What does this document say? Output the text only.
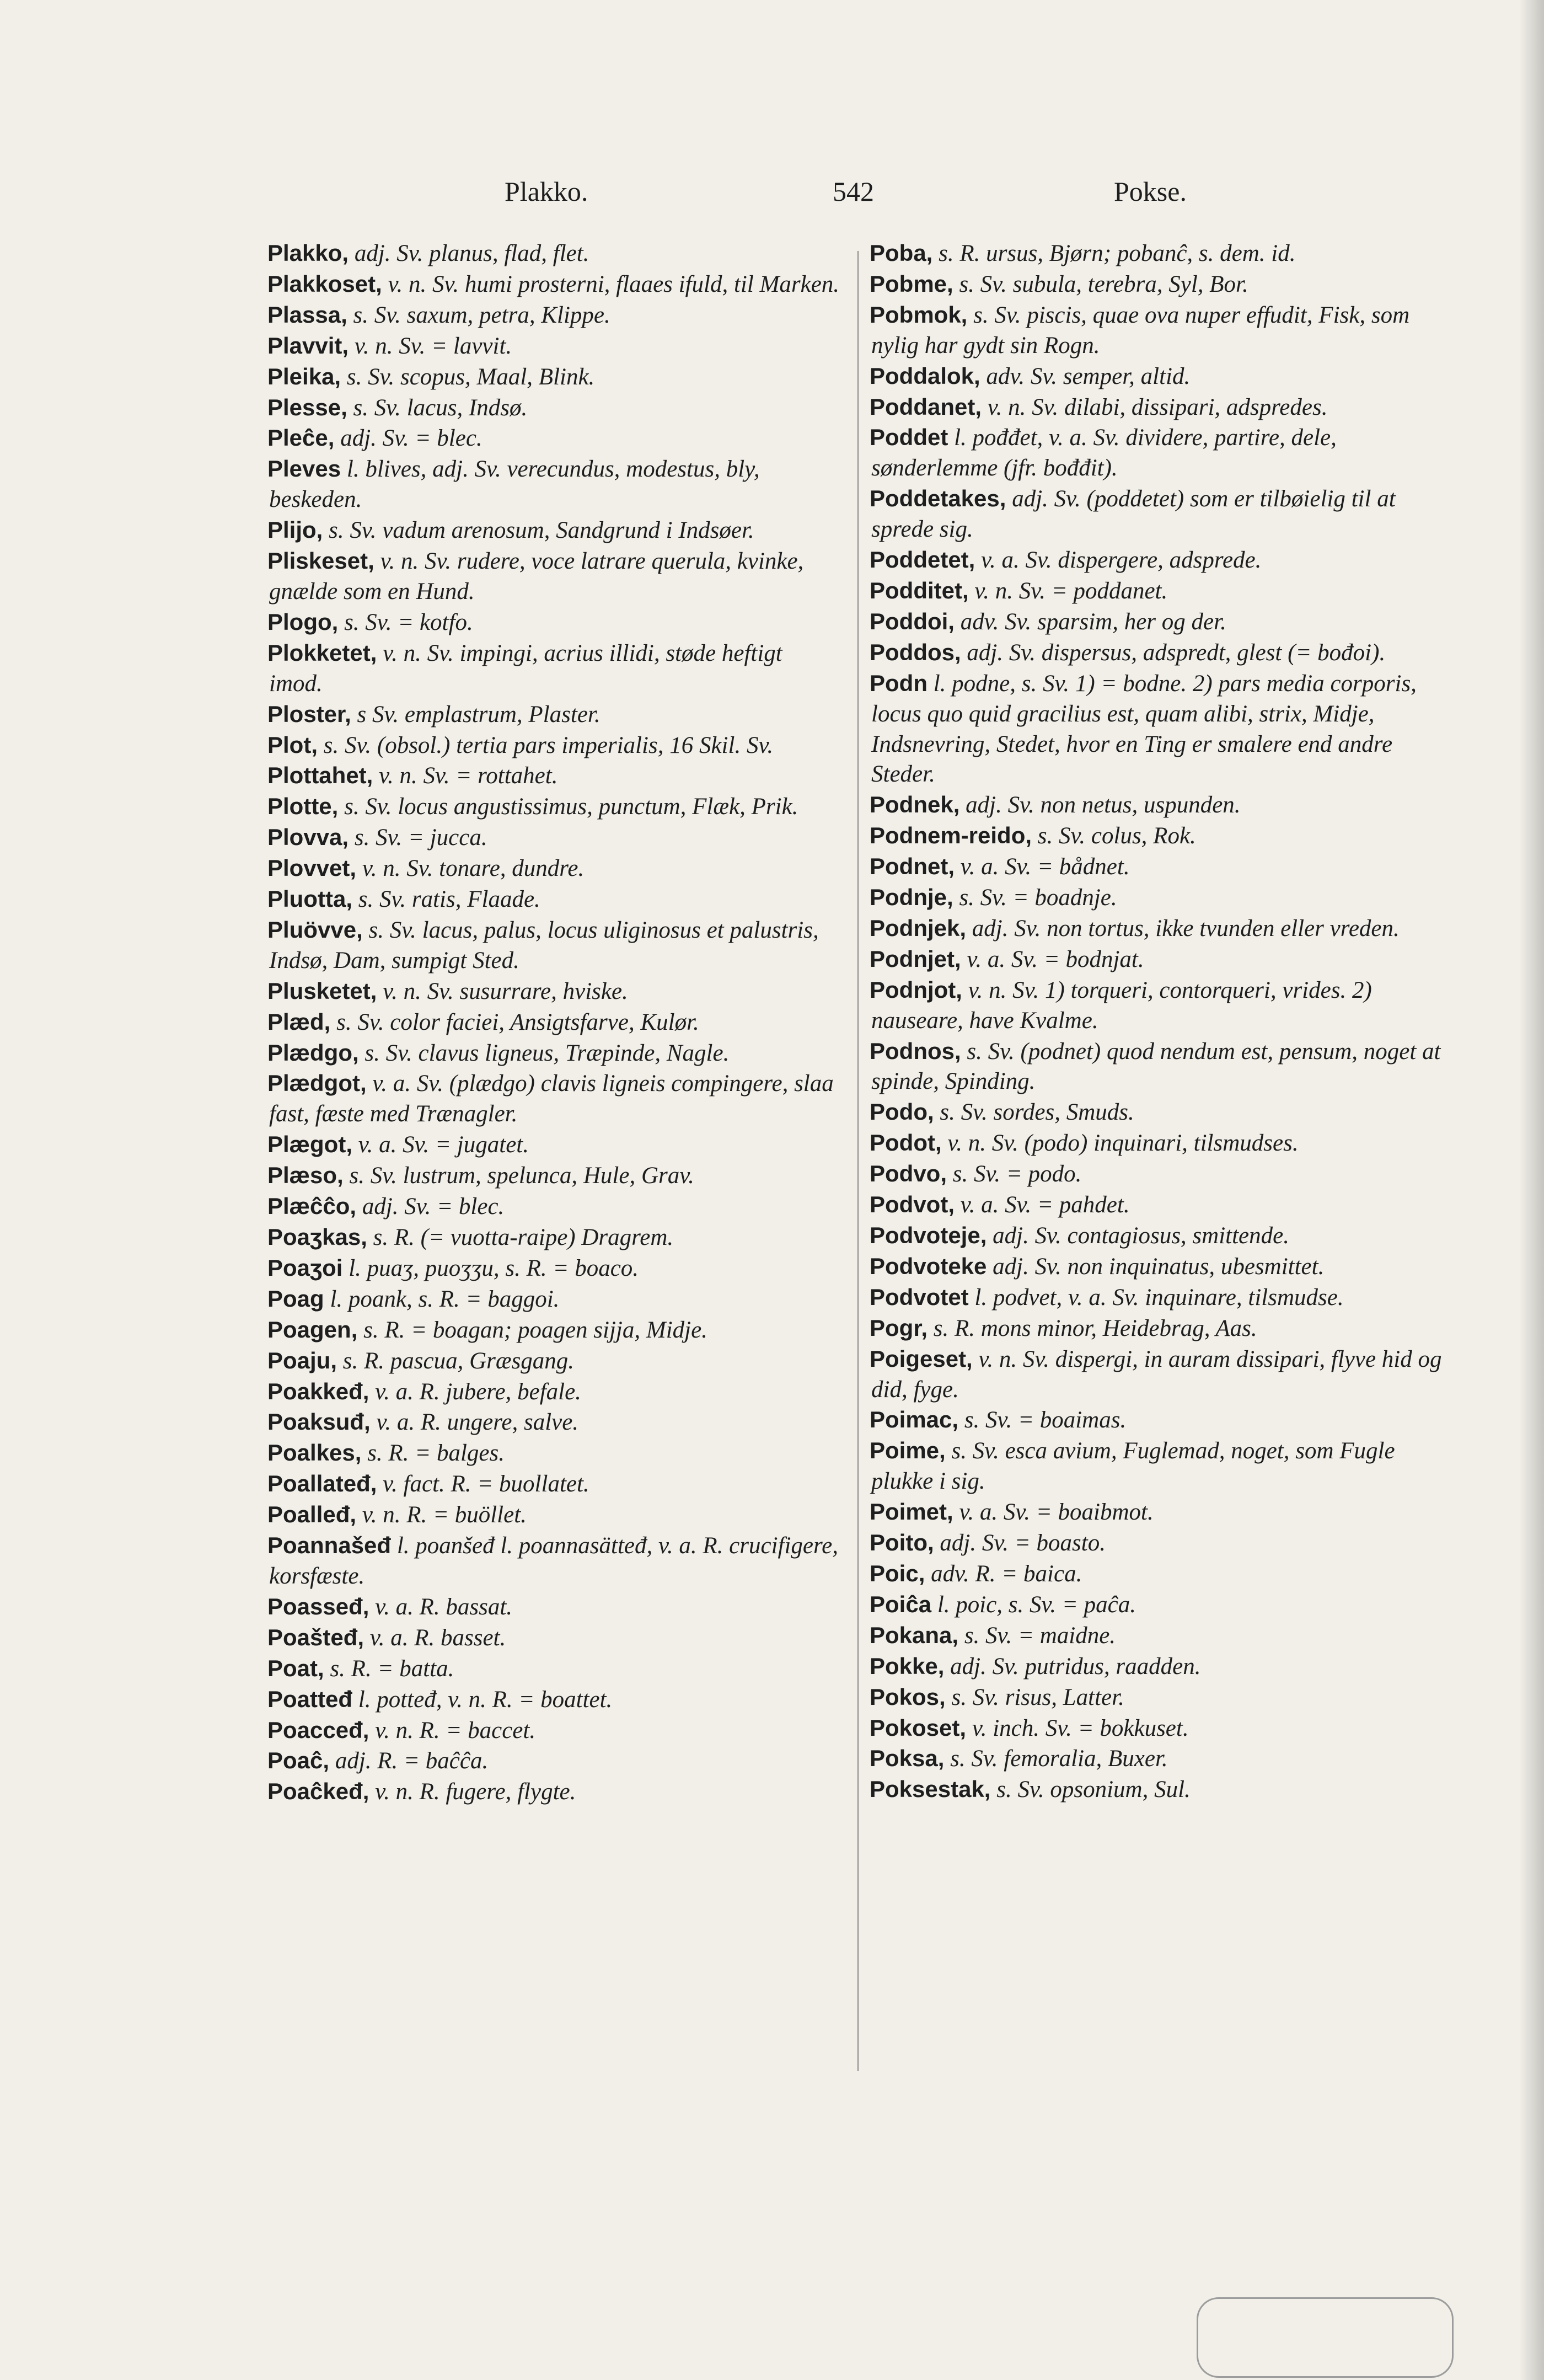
Plakko.	542	Pokse.

Plakko, adj. Sv. planus, flad, flet.

Plakkoset, v. n. Sv. humi prosterni, flaaes ifuld, til Marken.

Plassa, s. Sv. saxum, petra, Klippe.

Plavvit, v. n. Sv. = lavvit.

Pleika, s. Sv. scopus, Maal, Blink.

Plesse, s. Sv. lacus, Indsø.

Pleĉe, adj. Sv. = blec.

Pleves l. blives, adj. Sv. verecundus, modestus, bly, beskeden.

Plijo, s. Sv. vadum arenosum, Sandgrund i Indsøer.

Pliskeset, v. n. Sv. rudere, voce latrare querula, kvinke, gnælde som en Hund.

Plogo, s. Sv. = kotfo.

Plokketet, v. n. Sv. impingi, acrius illidi, støde heftigt imod.

Ploster, s Sv. emplastrum, Plaster.

Plot, s. Sv. (obsol.) tertia pars imperialis, 16 Skil. Sv.

Plottahet, v. n. Sv. = rottahet.

Plotte, s. Sv. locus angustissimus, punctum, Flæk, Prik.

Plovva, s. Sv. = jucca.

Plovvet, v. n. Sv. tonare, dundre.

Pluotta, s. Sv. ratis, Flaade.

Pluövve, s. Sv. lacus, palus, locus uliginosus et palustris, Indsø, Dam, sumpigt Sted.

Plusketet, v. n. Sv. susurrare, hviske.

Plæd, s. Sv. color faciei, Ansigtsfarve, Kulør.

Plædgo, s. Sv. clavus ligneus, Træpinde, Nagle.

Plædgot, v. a. Sv. (plædgo) clavis ligneis compingere, slaa fast, fæste med Trænagler.

Plægot, v. a. Sv. = jugatet.

Plæso, s. Sv. lustrum, spelunca, Hule, Grav.

Plæĉĉo, adj. Sv. = blec.

Poaʒkas, s. R. (= vuotta-raipe) Dragrem.

Poaʒoi l. puaʒ, puoʒʒu, s. R. = boaco.

Poag l. poank, s. R. = baggoi.

Poagen, s. R. = boagan; poagen sijja, Midje.

Poaju, s. R. pascua, Græsgang.

Poakkeđ, v. a. R. jubere, befale.

Poaksuđ, v. a. R. ungere, salve.

Poalkes, s. R. = balges.

Poallateđ, v. fact. R. = buollatet.

Poalleđ, v. n. R. = buöllet.

Poannašeđ l. poanšeđ l. poannasätteđ, v. a. R. crucifigere, korsfæste.

Poasseđ, v. a. R. bassat.

Poašteđ, v. a. R. basset.

Poat, s. R. = batta.

Poatteđ l. potteđ, v. n. R. = boattet.

Poacceđ, v. n. R. = baccet.

Poaĉ, adj. R. = baĉĉa.

Poaĉkeđ, v. n. R. fugere, flygte.

Poba, s. R. ursus, Bjørn; pobanĉ, s. dem. id.

Pobme, s. Sv. subula, terebra, Syl, Bor.

Pobmok, s. Sv. piscis, quae ova nuper effudit, Fisk, som nylig har gydt sin Rogn.

Poddalok, adv. Sv. semper, altid.

Poddanet, v. n. Sv. dilabi, dissipari, adspredes.

Poddet l. pođđet, v. a. Sv. dividere, partire, dele, sønderlemme (jfr. bođđit).

Poddetakes, adj. Sv. (poddetet) som er tilbøielig til at sprede sig.

Poddetet, v. a. Sv. dispergere, adsprede.

Podditet, v. n. Sv. = poddanet.

Poddoi, adv. Sv. sparsim, her og der.

Poddos, adj. Sv. dispersus, adspredt, glest (= bođoi).

Podn l. podne, s. Sv. 1) = bodne. 2) pars media corporis, locus quo quid gracilius est, quam alibi, strix, Midje, Indsnevring, Stedet, hvor en Ting er smalere end andre Steder.

Podnek, adj. Sv. non netus, uspunden.

Podnem-reido, s. Sv. colus, Rok.

Podnet, v. a. Sv. = bådnet.

Podnje, s. Sv. = boadnje.

Podnjek, adj. Sv. non tortus, ikke tvunden eller vreden.

Podnjet, v. a. Sv. = bodnjat.

Podnjot, v. n. Sv. 1) torqueri, contorqueri, vrides. 2) nauseare, have Kvalme.

Podnos, s. Sv. (podnet) quod nendum est, pensum, noget at spinde, Spinding.

Podo, s. Sv. sordes, Smuds.

Podot, v. n. Sv. (podo) inquinari, tilsmudses.

Podvo, s. Sv. = podo.

Podvot, v. a. Sv. = pahdet.

Podvoteje, adj. Sv. contagiosus, smittende.

Podvoteke adj. Sv. non inquinatus, ubesmittet.

Podvotet l. podvet, v. a. Sv. inquinare, tilsmudse.

Pogr, s. R. mons minor, Heidebrag, Aas.

Poigeset, v. n. Sv. dispergi, in auram dissipari, flyve hid og did, fyge.

Poimac, s. Sv. = boaimas.

Poime, s. Sv. esca avium, Fuglemad, noget, som Fugle plukke i sig.

Poimet, v. a. Sv. = boaibmot.

Poito, adj. Sv. = boasto.

Poic, adv. R. = baica.

Poiĉa l. poic, s. Sv. = paĉa.

Pokana, s. Sv. = maidne.

Pokke, adj. Sv. putridus, raadden.

Pokos, s. Sv. risus, Latter.

Pokoset, v. inch. Sv. = bokkuset.

Poksa, s. Sv. femoralia, Buxer.

Poksestak, s. Sv. opsonium, Sul.
